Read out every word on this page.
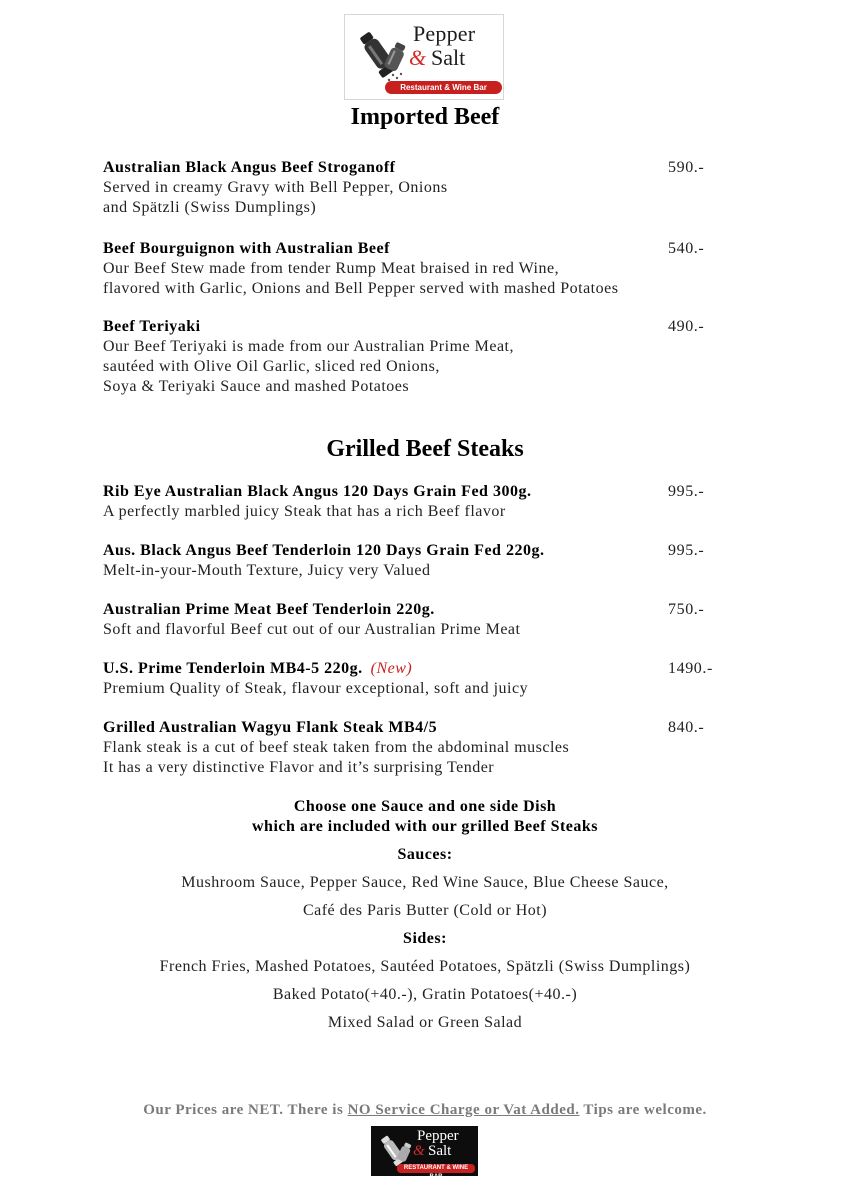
Pepper
& Salt
Restaurant & Wine Bar
Imported Beef
Australian Black Angus Beef Stroganoff
Served in creamy Gravy with Bell Pepper, Onions
and Spätzli (Swiss Dumplings)
590.-
Beef Bourguignon with Australian Beef
Our Beef Stew made from tender Rump Meat braised in red Wine,
flavored with Garlic, Onions and Bell Pepper served with mashed Potatoes
540.-
Beef Teriyaki
Our Beef Teriyaki is made from our Australian Prime Meat,
sautéed with Olive Oil Garlic, sliced red Onions,
Soya & Teriyaki Sauce and mashed Potatoes
490.-
Grilled Beef Steaks
Rib Eye Australian Black Angus 120 Days Grain Fed 300g.
A perfectly marbled juicy Steak that has a rich Beef flavor
995.-
Aus. Black Angus Beef Tenderloin 120 Days Grain Fed 220g.
Melt-in-your-Mouth Texture, Juicy very Valued
995.-
Australian Prime Meat Beef Tenderloin 220g.
Soft and flavorful Beef cut out of our Australian Prime Meat
750.-
U.S. Prime Tenderloin MB4-5 220g. (New)
Premium Quality of Steak, flavour exceptional, soft and juicy
1490.-
Grilled Australian Wagyu Flank Steak MB4/5
Flank steak is a cut of beef steak taken from the abdominal muscles
It has a very distinctive Flavor and it’s surprising Tender
840.-
Choose one Sauce and one side Dish
which are included with our grilled Beef Steaks
Sauces:
Mushroom Sauce, Pepper Sauce, Red Wine Sauce, Blue Cheese Sauce,
Café des Paris Butter (Cold or Hot)
Sides:
French Fries, Mashed Potatoes, Sautéed Potatoes, Spätzli (Swiss Dumplings)
Baked Potato(+40.-), Gratin Potatoes(+40.-)
Mixed Salad or Green Salad
Our Prices are NET. There is NO Service Charge or Vat Added. Tips are welcome.
Pepper
& Salt
RESTAURANT & WINE BAR
